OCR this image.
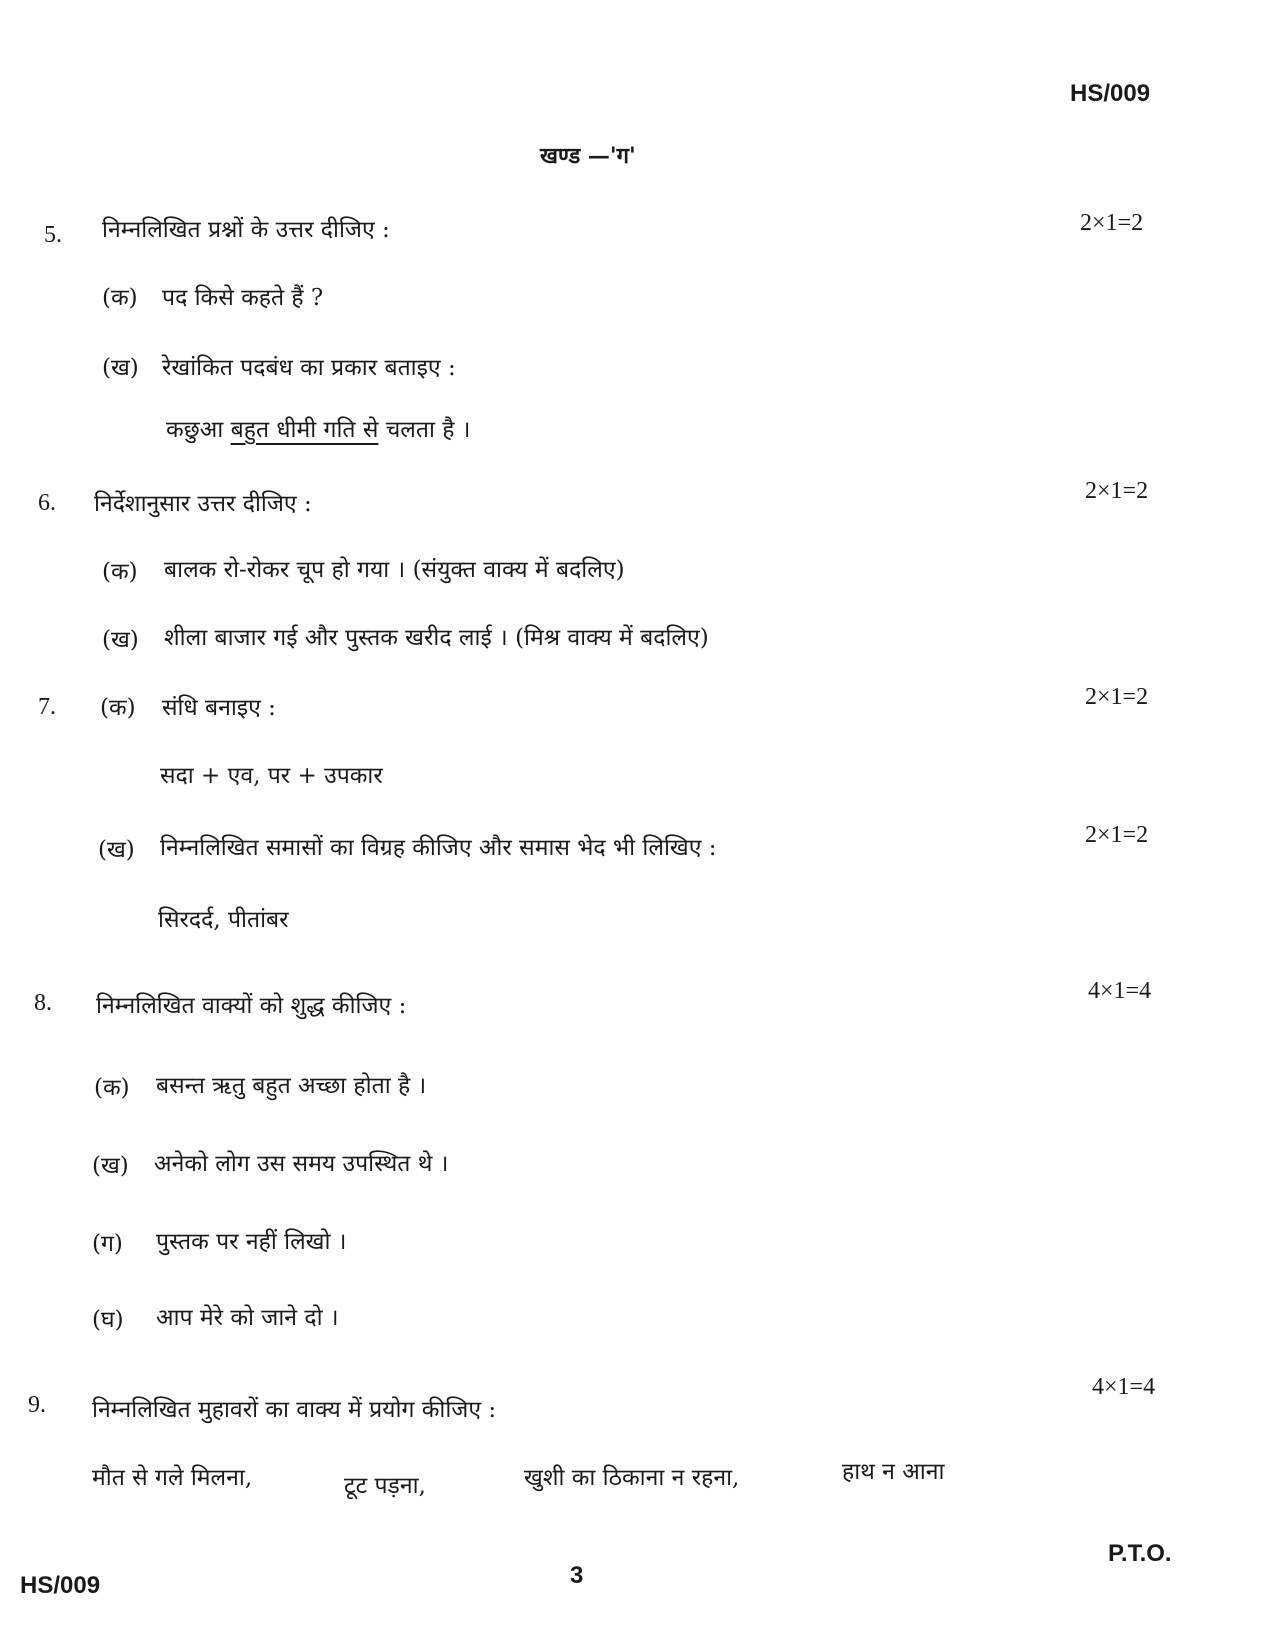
HS/009
खण्ड —'ग'
5. निम्नलिखित प्रश्नों के उत्तर दीजिए :	2×1=2
(क) पद किसे कहते हैं ?
(ख) रेखांकित पदबंध का प्रकार बताइए :
कछुआ बहुत धीमी गति से चलता है ।
6. निर्देशानुसार उत्तर दीजिए :	2×1=2
(क) बालक रो-रोकर चूप हो गया । (संयुक्त वाक्य में बदलिए)
(ख) शीला बाजार गई और पुस्तक खरीद लाई । (मिश्र वाक्य में बदलिए)
7. (क) संधि बनाइए :	2×1=2
सदा + एव, पर + उपकार
(ख) निम्नलिखित समासों का विग्रह कीजिए और समास भेद भी लिखिए :	2×1=2
सिरदर्द, पीतांबर
8. निम्नलिखित वाक्यों को शुद्ध कीजिए :
4×1=4
(क) बसन्त ऋतु बहुत अच्छा होता है ।
(ख) अनेको लोग उस समय उपस्थित थे ।
(ग) पुस्तक पर नहीं लिखो ।
(घ) आप मेरे को जाने दो ।
9. निम्नलिखित मुहावरों का वाक्य में प्रयोग कीजिए :
4×1=4
मौत से गले मिलना,	टूट पड़ना,	खुशी का ठिकाना न रहना,	हाथ न आना
HS/009	3
P.T.O.
